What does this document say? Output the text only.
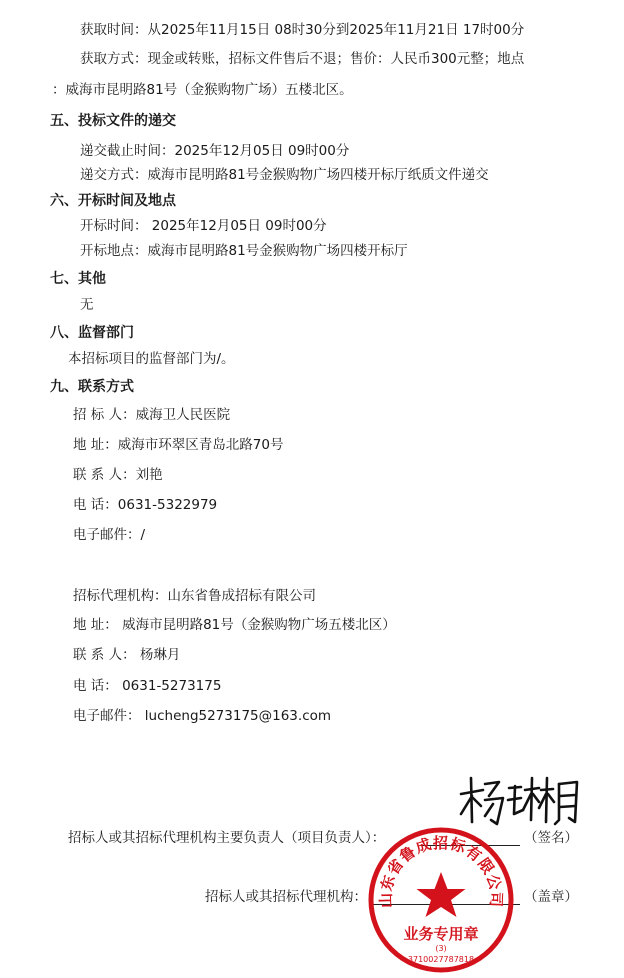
获取时间：从2025年11月15日 08时30分到2025年11月21日 17时00分
获取方式：现金或转账，招标文件售后不退；售价：人民币300元整；地点
：威海市昆明路81号（金猴购物广场）五楼北区。
五、投标文件的递交
递交截止时间：2025年12月05日 09时00分
递交方式：威海市昆明路81号金猴购物广场四楼开标厅纸质文件递交
六、开标时间及地点
开标时间： 2025年12月05日 09时00分
开标地点：威海市昆明路81号金猴购物广场四楼开标厅
七、其他
无
八、监督部门
本招标项目的监督部门为/。
九、联系方式
招 标 人：威海卫人民医院
地 址：威海市环翠区青岛北路70号
联 系 人：刘艳
电 话：0631-5322979
电子邮件：/
招标代理机构：山东省鲁成招标有限公司
地 址： 威海市昆明路81号（金猴购物广场五楼北区）
联 系 人： 杨琳月
电 话： 0631-5273175
电子邮件： lucheng5273175@163.com
招标人或其招标代理机构主要负责人（项目负责人）：	（签名）
招标人或其招标代理机构：	（盖章）
山东省鲁成招标有限公司
业务专用章
(3)
3710027787818
